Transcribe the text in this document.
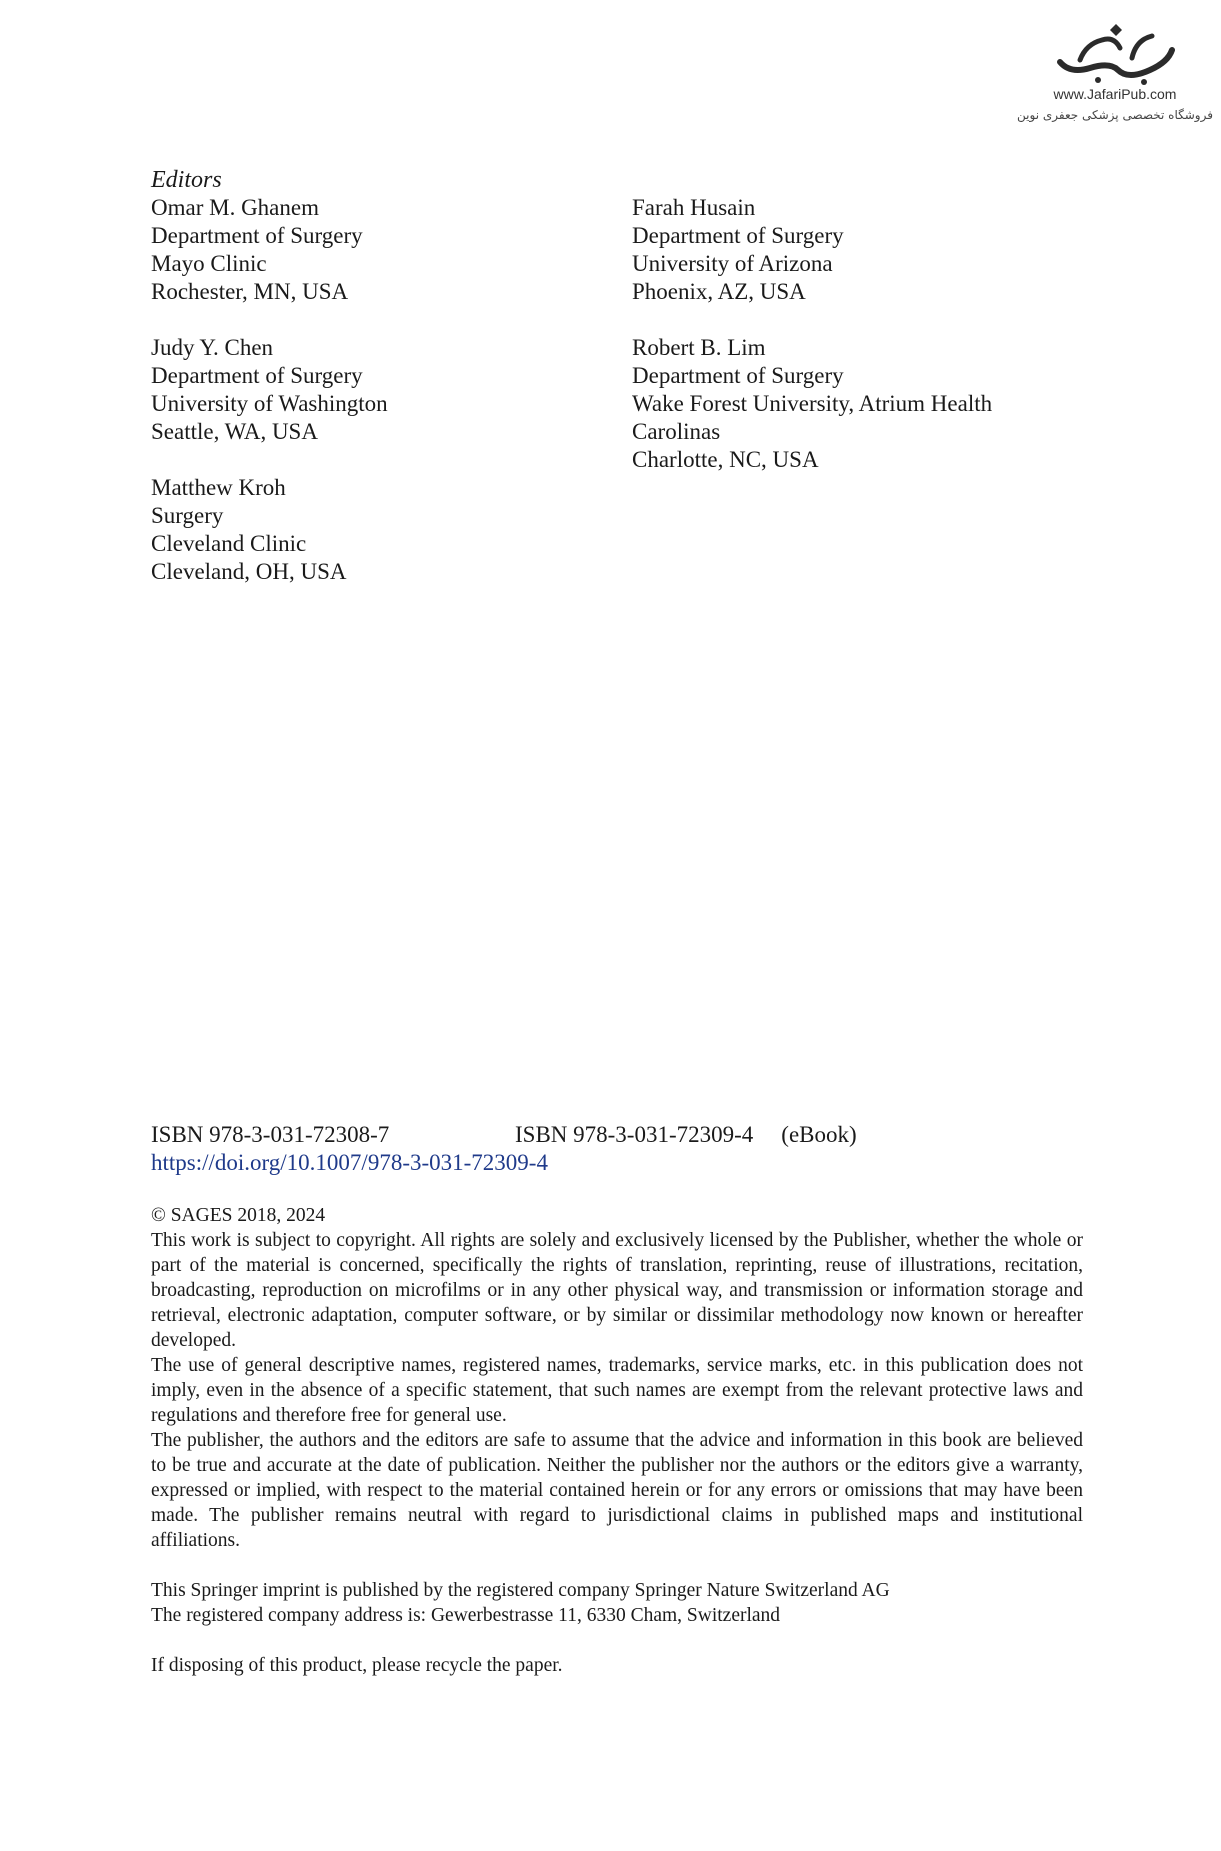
www.JafariPub.com
فروشگاه تخصصی پزشکی جعفری نوین
Editors
Omar M. Ghanem
Department of Surgery
Mayo Clinic
Rochester, MN, USA
Farah Husain
Department of Surgery
University of Arizona
Phoenix, AZ, USA
Judy Y. Chen
Department of Surgery
University of Washington
Seattle, WA, USA
Robert B. Lim
Department of Surgery
Wake Forest University, Atrium Health
Carolinas
Charlotte, NC, USA
Matthew Kroh
Surgery
Cleveland Clinic
Cleveland, OH, USA
ISBN 978-3-031-72308-7	ISBN 978-3-031-72309-4 (eBook)
https://doi.org/10.1007/978-3-031-72309-4

© SAGES 2018, 2024

This work is subject to copyright. All rights are solely and exclusively licensed by the Publisher, whether the whole or part of the material is concerned, specifically the rights of translation, reprinting, reuse of illustrations, recitation, broadcasting, reproduction on microfilms or in any other physical way, and transmission or information storage and retrieval, electronic adaptation, computer software, or by similar or dissimilar methodology now known or hereafter developed.

The use of general descriptive names, registered names, trademarks, service marks, etc. in this publication does not imply, even in the absence of a specific statement, that such names are exempt from the relevant protective laws and regulations and therefore free for general use.

The publisher, the authors and the editors are safe to assume that the advice and information in this book are believed to be true and accurate at the date of publication. Neither the publisher nor the authors or the editors give a warranty, expressed or implied, with respect to the material contained herein or for any errors or omissions that may have been made. The publisher remains neutral with regard to jurisdictional claims in published maps and institutional affiliations.

This Springer imprint is published by the registered company Springer Nature Switzerland AG

The registered company address is: Gewerbestrasse 11, 6330 Cham, Switzerland

If disposing of this product, please recycle the paper.
